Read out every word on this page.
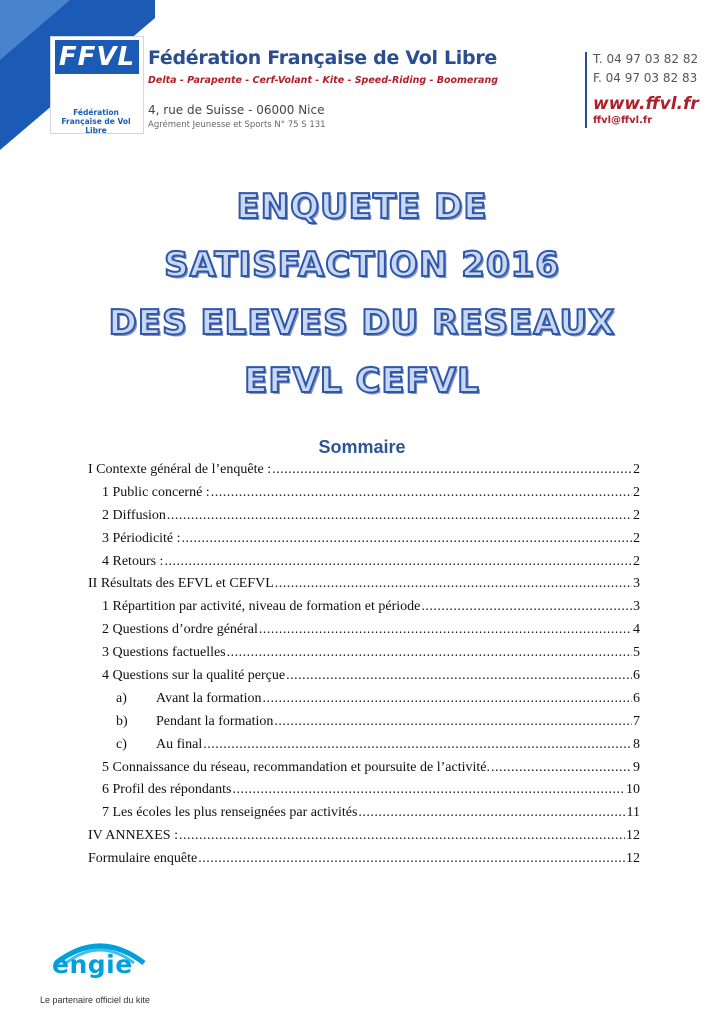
FFVL
Fédération Française de Vol Libre
Fédération Française de Vol Libre
Delta - Parapente - Cerf-Volant - Kite - Speed-Riding - Boomerang
4, rue de Suisse - 06000 Nice
Agrément Jeunesse et Sports N° 75 S 131
T. 04 97 03 82 82
F. 04 97 03 82 83
www.ffvl.fr
ffvl@ffvl.fr
ENQUETE DE
SATISFACTION 2016
DES ELEVES DU RESEAUX
EFVL CEFVL
Sommaire
I Contexte général de l’enquête : .....	2
1 Public concerné : .....	2
2 Diffusion .....	2
3 Périodicité : .....	2
4 Retours : .....	2
II Résultats des EFVL et CEFVL .....	3
1 Répartition par activité, niveau de formation et période .....	3
2 Questions d’ordre général .....	4
3 Questions factuelles .....	5
4 Questions sur la qualité perçue .....	6
a) Avant la formation .....	6
b) Pendant la formation .....	7
c) Au final .....	8
5 Connaissance du réseau, recommandation et poursuite de l’activité. .....	9
6 Profil des répondants .....	10
7 Les écoles les plus renseignées par activités .....	11
IV ANNEXES : .....	12
Formulaire enquête .....	12
engie
Le partenaire officiel du kite
